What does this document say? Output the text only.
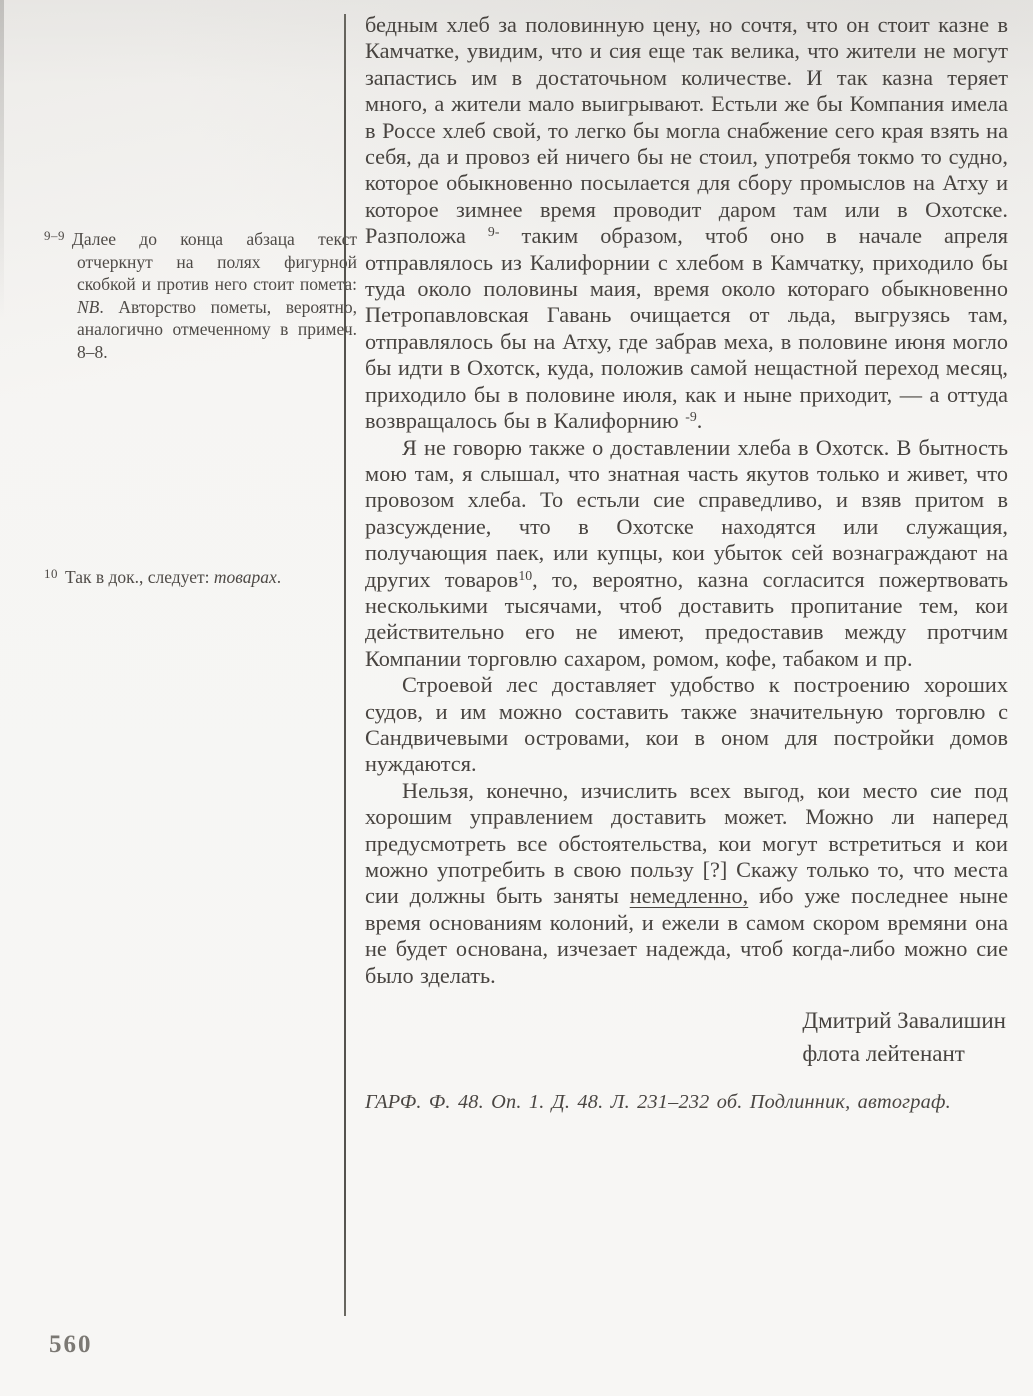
$^{9-9}$ Далее до конца абзаца текст отчеркнут на полях фигурной скобкой и против него стоит помета: NB. Авторство пометы, вероятно, аналогично отмеченному в примеч. 8–8.
$^{10}$ Так в док., следует: товарах.

бедным хлеб за половинную цену, но сочтя, что он стоит казне в Камчатке, увидим, что и сия еще так велика, что жители не могут запастись им в достаточьном количестве. И так казна теряет много, а жители мало выигрывают. Естьли же бы Компания имела в Россе хлеб свой, то легко бы могла снабжение сего края взять на себя, да и провоз ей ничего бы не стоил, употребя токмо то судно, которое обыкновенно посылается для сбору промыслов на Атху и которое зимнее время проводит даром там или в Охотске. Разположа $^{9-}$ таким образом, чтоб оно в начале апреля отправлялось из Калифорнии с хлебом в Камчатку, приходило бы туда около половины маия, время около котораго обыкновенно Петропавловская Гавань очищается от льда, выгрузясь там, отправлялось бы на Атху, где забрав меха, в половине июня могло бы идти в Охотск, куда, положив самой нещастной переход месяц, приходило бы в половине июля, как и ныне приходит, — а оттуда возвращалось бы в Калифорнию $^{-9}$.

Я не говорю также о доставлении хлеба в Охотск. В бытность мою там, я слышал, что знатная часть якутов только и живет, что провозом хлеба. То естьли сие справедливо, и взяв притом в разсуждение, что в Охотске находятся или служащия, получающия паек, или купцы, кои убыток сей вознаграждают на других товаров$^{10}$, то, вероятно, казна согласится пожертвовать несколькими тысячами, чтоб доставить пропитание тем, кои действительно его не имеют, предоставив между протчим Компании торговлю сахаром, ромом, кофе, табаком и пр.

Строевой лес доставляет удобство к построению хороших судов, и им можно составить также значительную торговлю с Сандвичевыми островами, кои в оном для постройки домов нуждаются.

Нельзя, конечно, изчислить всех выгод, кои место сие под хорошим управлением доставить может. Можно ли наперед предусмотреть все обстоятельства, кои могут встретиться и кои можно употребить в свою пользу [?] Скажу только то, что места сии должны быть заняты немедленно, ибо уже последнее ныне время основаниям колоний, и ежели в самом скором времяни она не будет основана, изчезает надежда, чтоб когда-либо можно сие было зделать.

Дмитрий Завалишин
флота лейтенант
ГАРФ. Ф. 48. Оп. 1. Д. 48. Л. 231–232 об. Подлинник, автограф.
560
